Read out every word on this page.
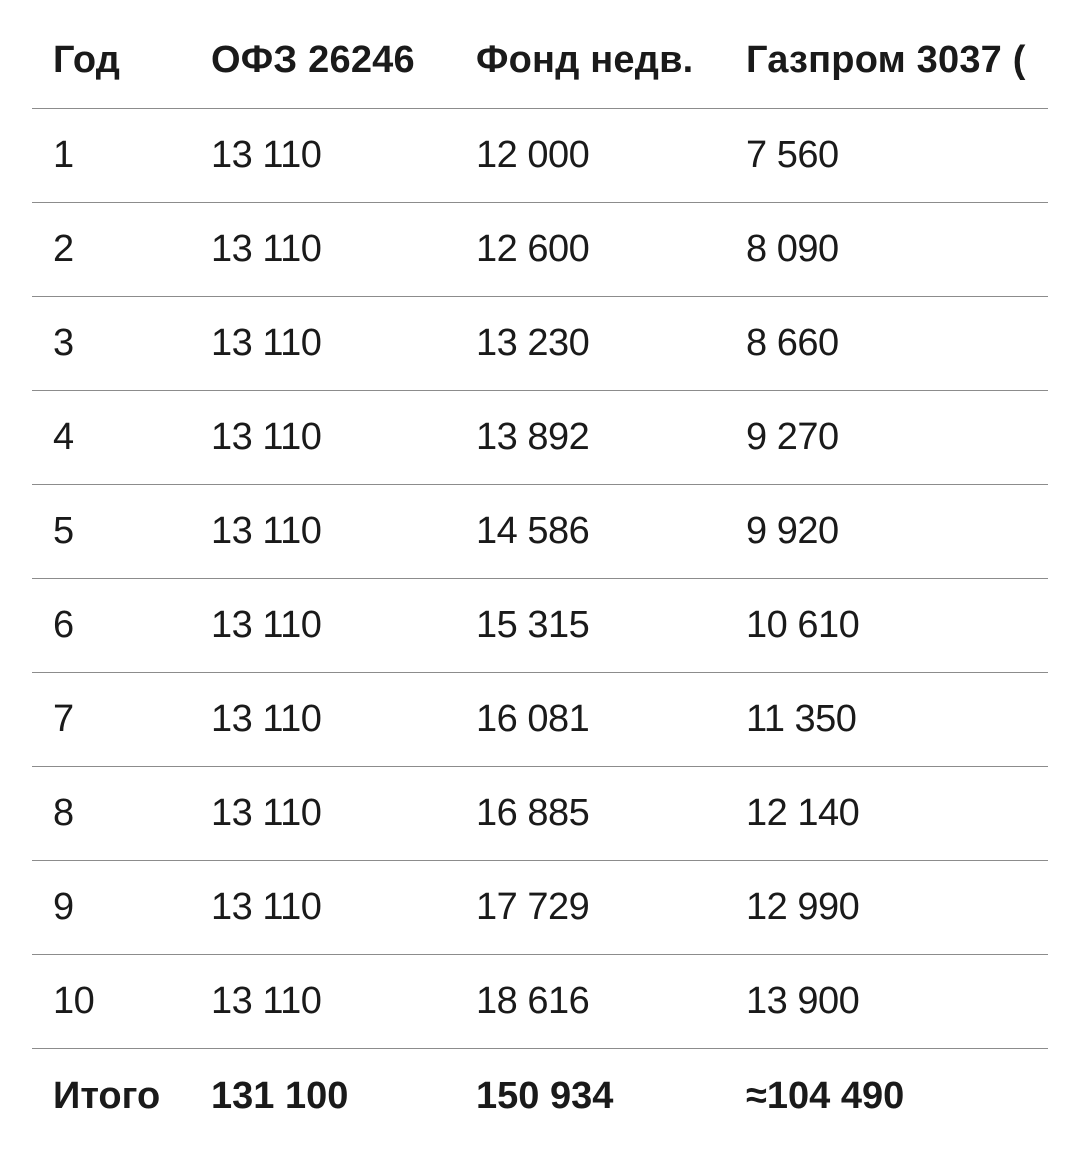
Год	ОФЗ 26246	Фонд недв.	Газпром 3037 (
1	13 110	12 000	7 560
2	13 110	12 600	8 090
3	13 110	13 230	8 660
4	13 110	13 892	9 270
5	13 110	14 586	9 920
6	13 110	15 315	10 610
7	13 110	16 081	11 350
8	13 110	16 885	12 140
9	13 110	17 729	12 990
10	13 110	18 616	13 900
Итого	131 100	150 934	≈104 490
